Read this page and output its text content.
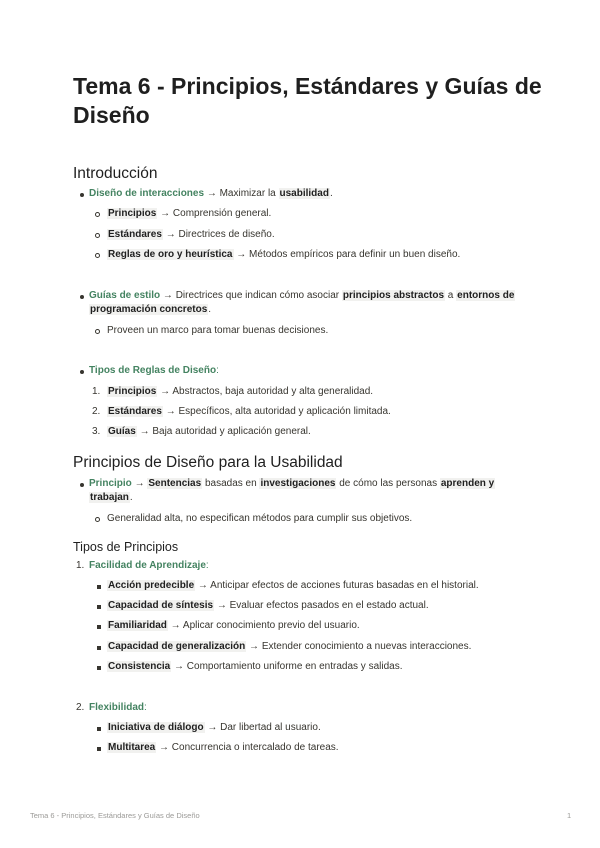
Tema 6 - Principios, Estándares y Guías de Diseño
Introducción
Diseño de interacciones → Maximizar la usabilidad.
Principios → Comprensión general.
Estándares → Directrices de diseño.
Reglas de oro y heurística → Métodos empíricos para definir un buen diseño.
Guías de estilo → Directrices que indican cómo asociar principios abstractos a entornos de
programación concretos.
Proveen un marco para tomar buenas decisiones.
Tipos de Reglas de Diseño:
1. Principios → Abstractos, baja autoridad y alta generalidad.
2. Estándares → Específicos, alta autoridad y aplicación limitada.
3. Guías → Baja autoridad y aplicación general.
Principios de Diseño para la Usabilidad
Principio → Sentencias basadas en investigaciones de cómo las personas aprenden y
trabajan.
Generalidad alta, no especifican métodos para cumplir sus objetivos.
Tipos de Principios
1. Facilidad de Aprendizaje:
Acción predecible → Anticipar efectos de acciones futuras basadas en el historial.
Capacidad de síntesis → Evaluar efectos pasados en el estado actual.
Familiaridad → Aplicar conocimiento previo del usuario.
Capacidad de generalización → Extender conocimiento a nuevas interacciones.
Consistencia → Comportamiento uniforme en entradas y salidas.
2. Flexibilidad:
Iniciativa de diálogo → Dar libertad al usuario.
Multitarea → Concurrencia o intercalado de tareas.
Tema 6 - Principios, Estándares y Guías de Diseño	1
